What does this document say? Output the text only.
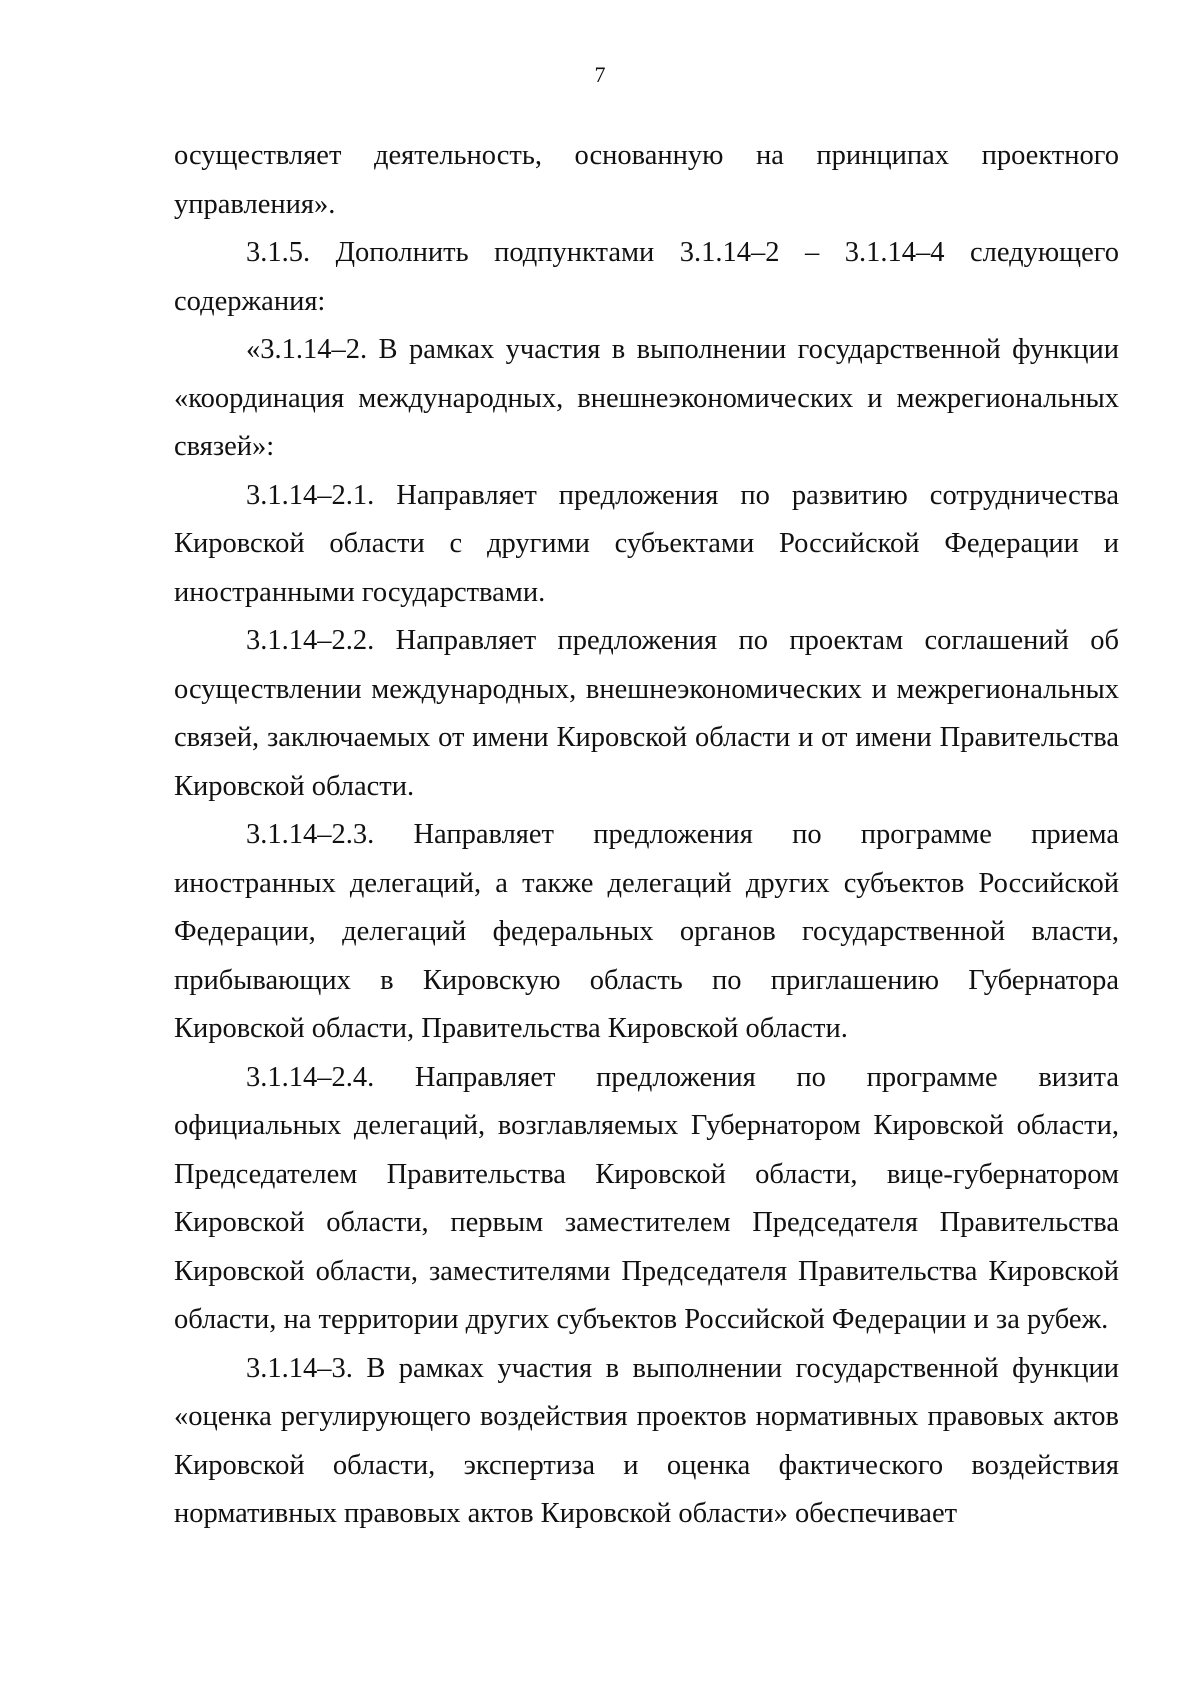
7

осуществляет деятельность, основанную на принципах проектного управления».

3.1.5. Дополнить подпунктами 3.1.14–2 – 3.1.14–4 следующего содержания:

«3.1.14–2. В рамках участия в выполнении государственной функции «координация международных, внешнеэкономических и межрегиональных связей»:

3.1.14–2.1. Направляет предложения по развитию сотрудничества Кировской области с другими субъектами Российской Федерации и иностранными государствами.

3.1.14–2.2. Направляет предложения по проектам соглашений об осуществлении международных, внешнеэкономических и межрегиональных связей, заключаемых от имени Кировской области и от имени Правительства Кировской области.

3.1.14–2.3. Направляет предложения по программе приема иностранных делегаций, а также делегаций других субъектов Российской Федерации, делегаций федеральных органов государственной власти, прибывающих в Кировскую область по приглашению Губернатора Кировской области, Правительства Кировской области.

3.1.14–2.4. Направляет предложения по программе визита официальных делегаций, возглавляемых Губернатором Кировской области, Председателем Правительства Кировской области, вице-губернатором Кировской области, первым заместителем Председателя Правительства Кировской области, заместителями Председателя Правительства Кировской области, на территории других субъектов Российской Федерации и за рубеж.

3.1.14–3. В рамках участия в выполнении государственной функции «оценка регулирующего воздействия проектов нормативных правовых актов Кировской области, экспертиза и оценка фактического воздействия нормативных правовых актов Кировской области» обеспечивает
